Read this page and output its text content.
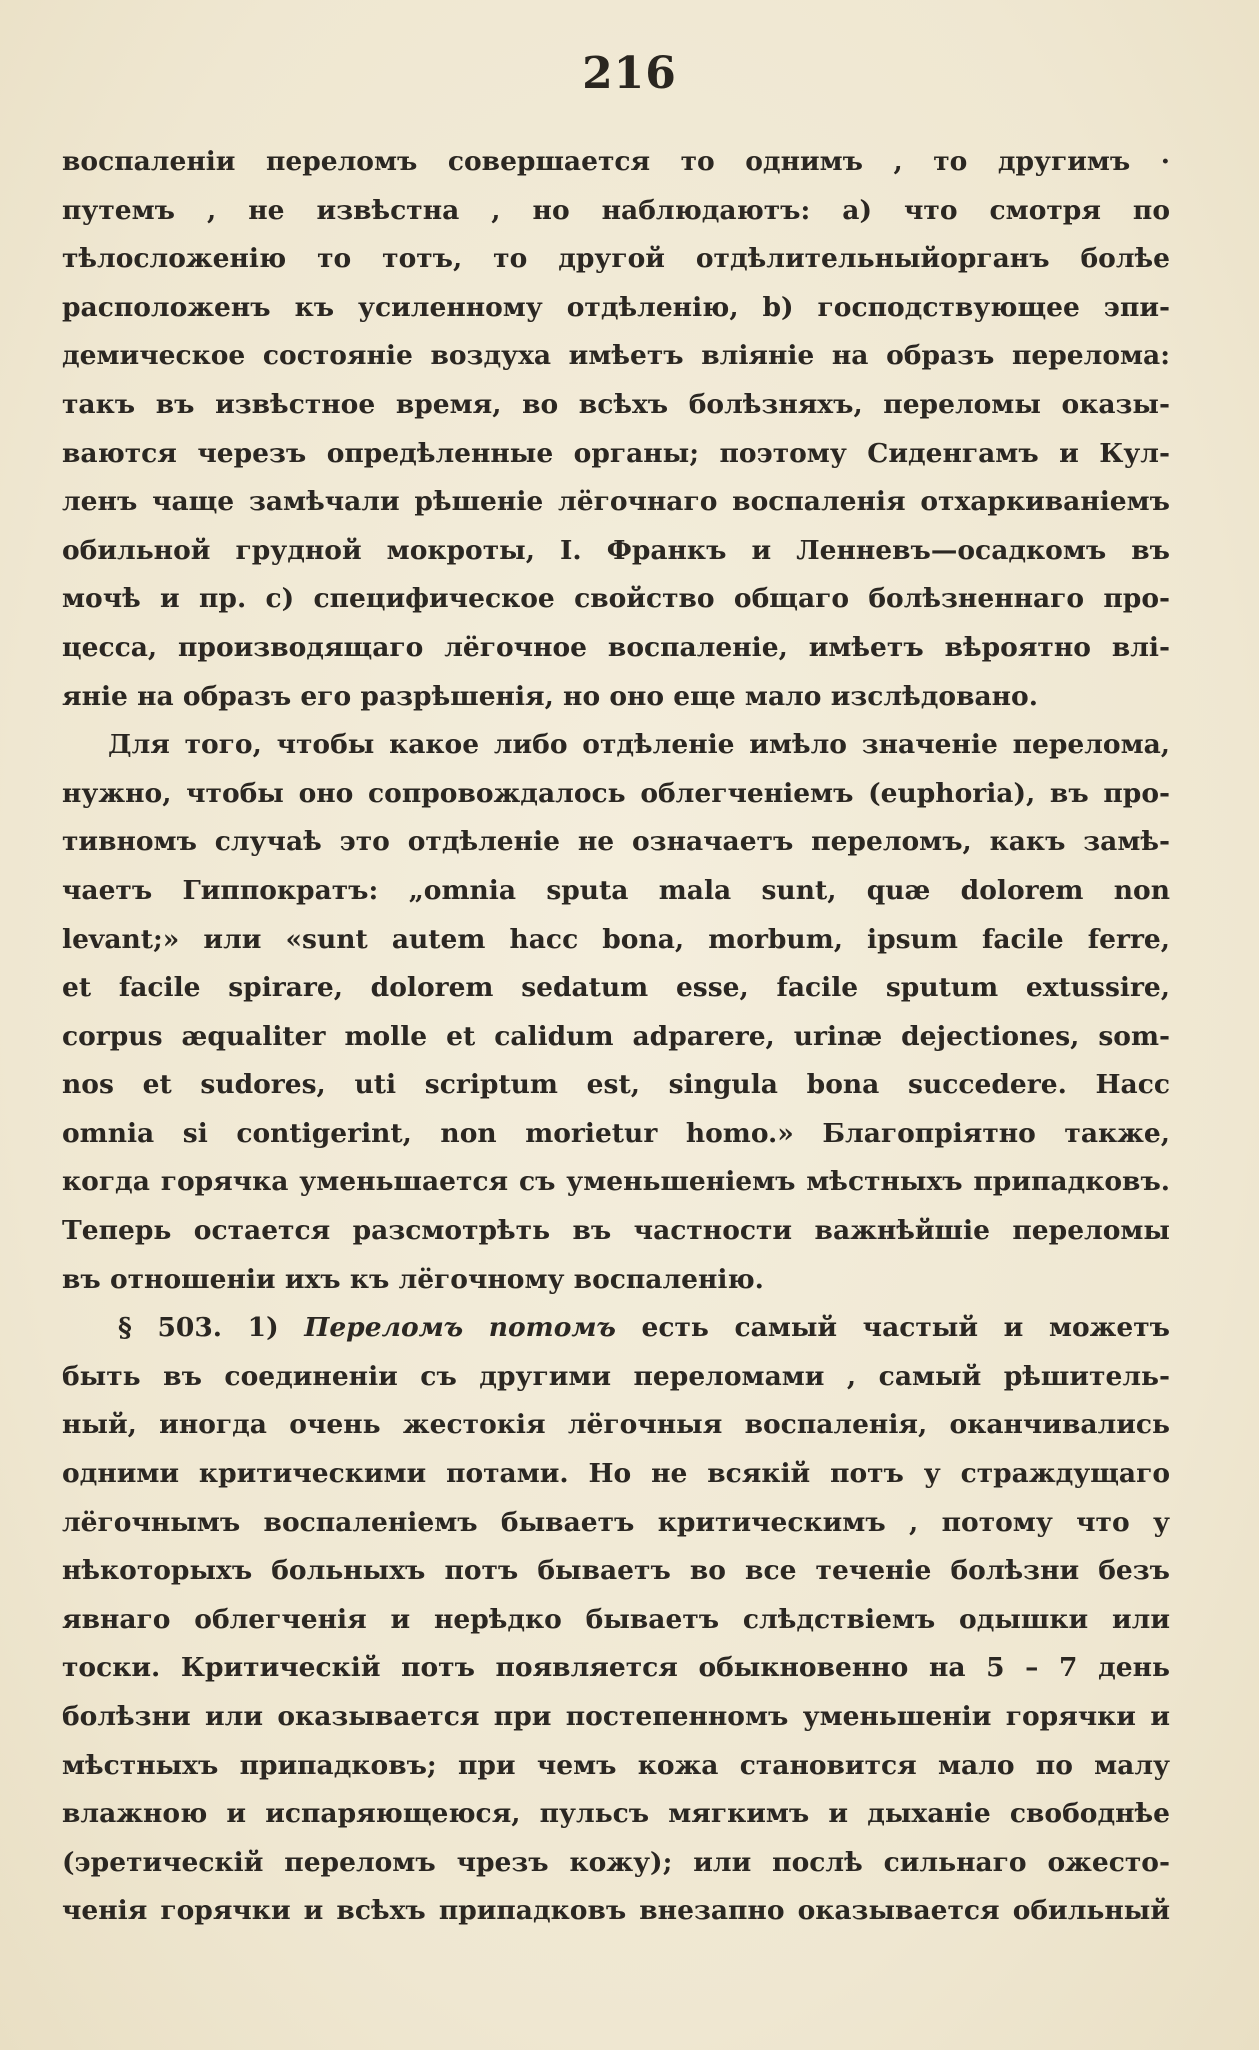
216
воспаленіи переломъ совершается то однимъ , то другимъ ·
путемъ , не извѣстна , но наблюдаютъ: а) что смотря по
тѣлосложенію то тотъ, то другой отдѣлительныйорганъ болѣе
расположенъ къ усиленному отдѣленію, b) господствующее эпи-
демическое состояніе воздуха имѣетъ вліяніе на образъ перелома:
такъ въ извѣстное время, во всѣхъ болѣзняхъ, переломы оказы-
ваются черезъ опредѣленные органы; поэтому Сиденгамъ и Кул-
ленъ чаще замѣчали рѣшеніе лёгочнаго воспаленія отхаркиваніемъ
обильной грудной мокроты, І. Франкъ и Ленневъ—осадкомъ въ
мочѣ и пр. с) специфическое свойство общаго болѣзненнаго про-
цесса, производящаго лёгочное воспаленіе, имѣетъ вѣроятно влі-
яніе на образъ его разрѣшенія, но оно еще мало изслѣдовано.
Для того, чтобы какое либо отдѣленіе имѣло значеніе перелома,
нужно, чтобы оно сопровождалось облегченіемъ (euphoria), въ про-
тивномъ случаѣ это отдѣленіе не означаетъ переломъ, какъ замѣ-
чаетъ Гиппократъ: „omnia sputa mala sunt, quæ dolorem non
levant;» или «sunt autem hacc bona, morbum, ipsum facile ferre,
et facile spirare, dolorem sedatum esse, facile sputum extussire,
corpus æqualiter molle et calidum adparere, urinæ dejectiones, som-
nos et sudores, uti scriptum est, singula bona succedere. Hacc
omnia si contigerint, non morietur homo.» Благопріятно также,
когда горячка уменьшается съ уменьшеніемъ мѣстныхъ припадковъ.
Теперь остается разсмотрѣть въ частности важнѣйшіе переломы
въ отношеніи ихъ къ лёгочному воспаленію.
§ 503. 1) Переломъ потомъ есть самый частый и можетъ
быть въ соединеніи съ другими переломами , самый рѣшитель-
ный, иногда очень жестокія лёгочныя воспаленія, оканчивались
одними критическими потами. Но не всякій потъ у страждущаго
лёгочнымъ воспаленіемъ бываетъ критическимъ , потому что у
нѣкоторыхъ больныхъ потъ бываетъ во все теченіе болѣзни безъ
явнаго облегченія и нерѣдко бываетъ слѣдствіемъ одышки или
тоски. Критическій потъ появляется обыкновенно на 5 – 7 день
болѣзни или оказывается при постепенномъ уменьшеніи горячки и
мѣстныхъ припадковъ; при чемъ кожа становится мало по малу
влажною и испаряющеюся, пульсъ мягкимъ и дыханіе свободнѣе
(эретическій переломъ чрезъ кожу); или послѣ сильнаго ожесто-
ченія горячки и всѣхъ припадковъ внезапно оказывается обильный
